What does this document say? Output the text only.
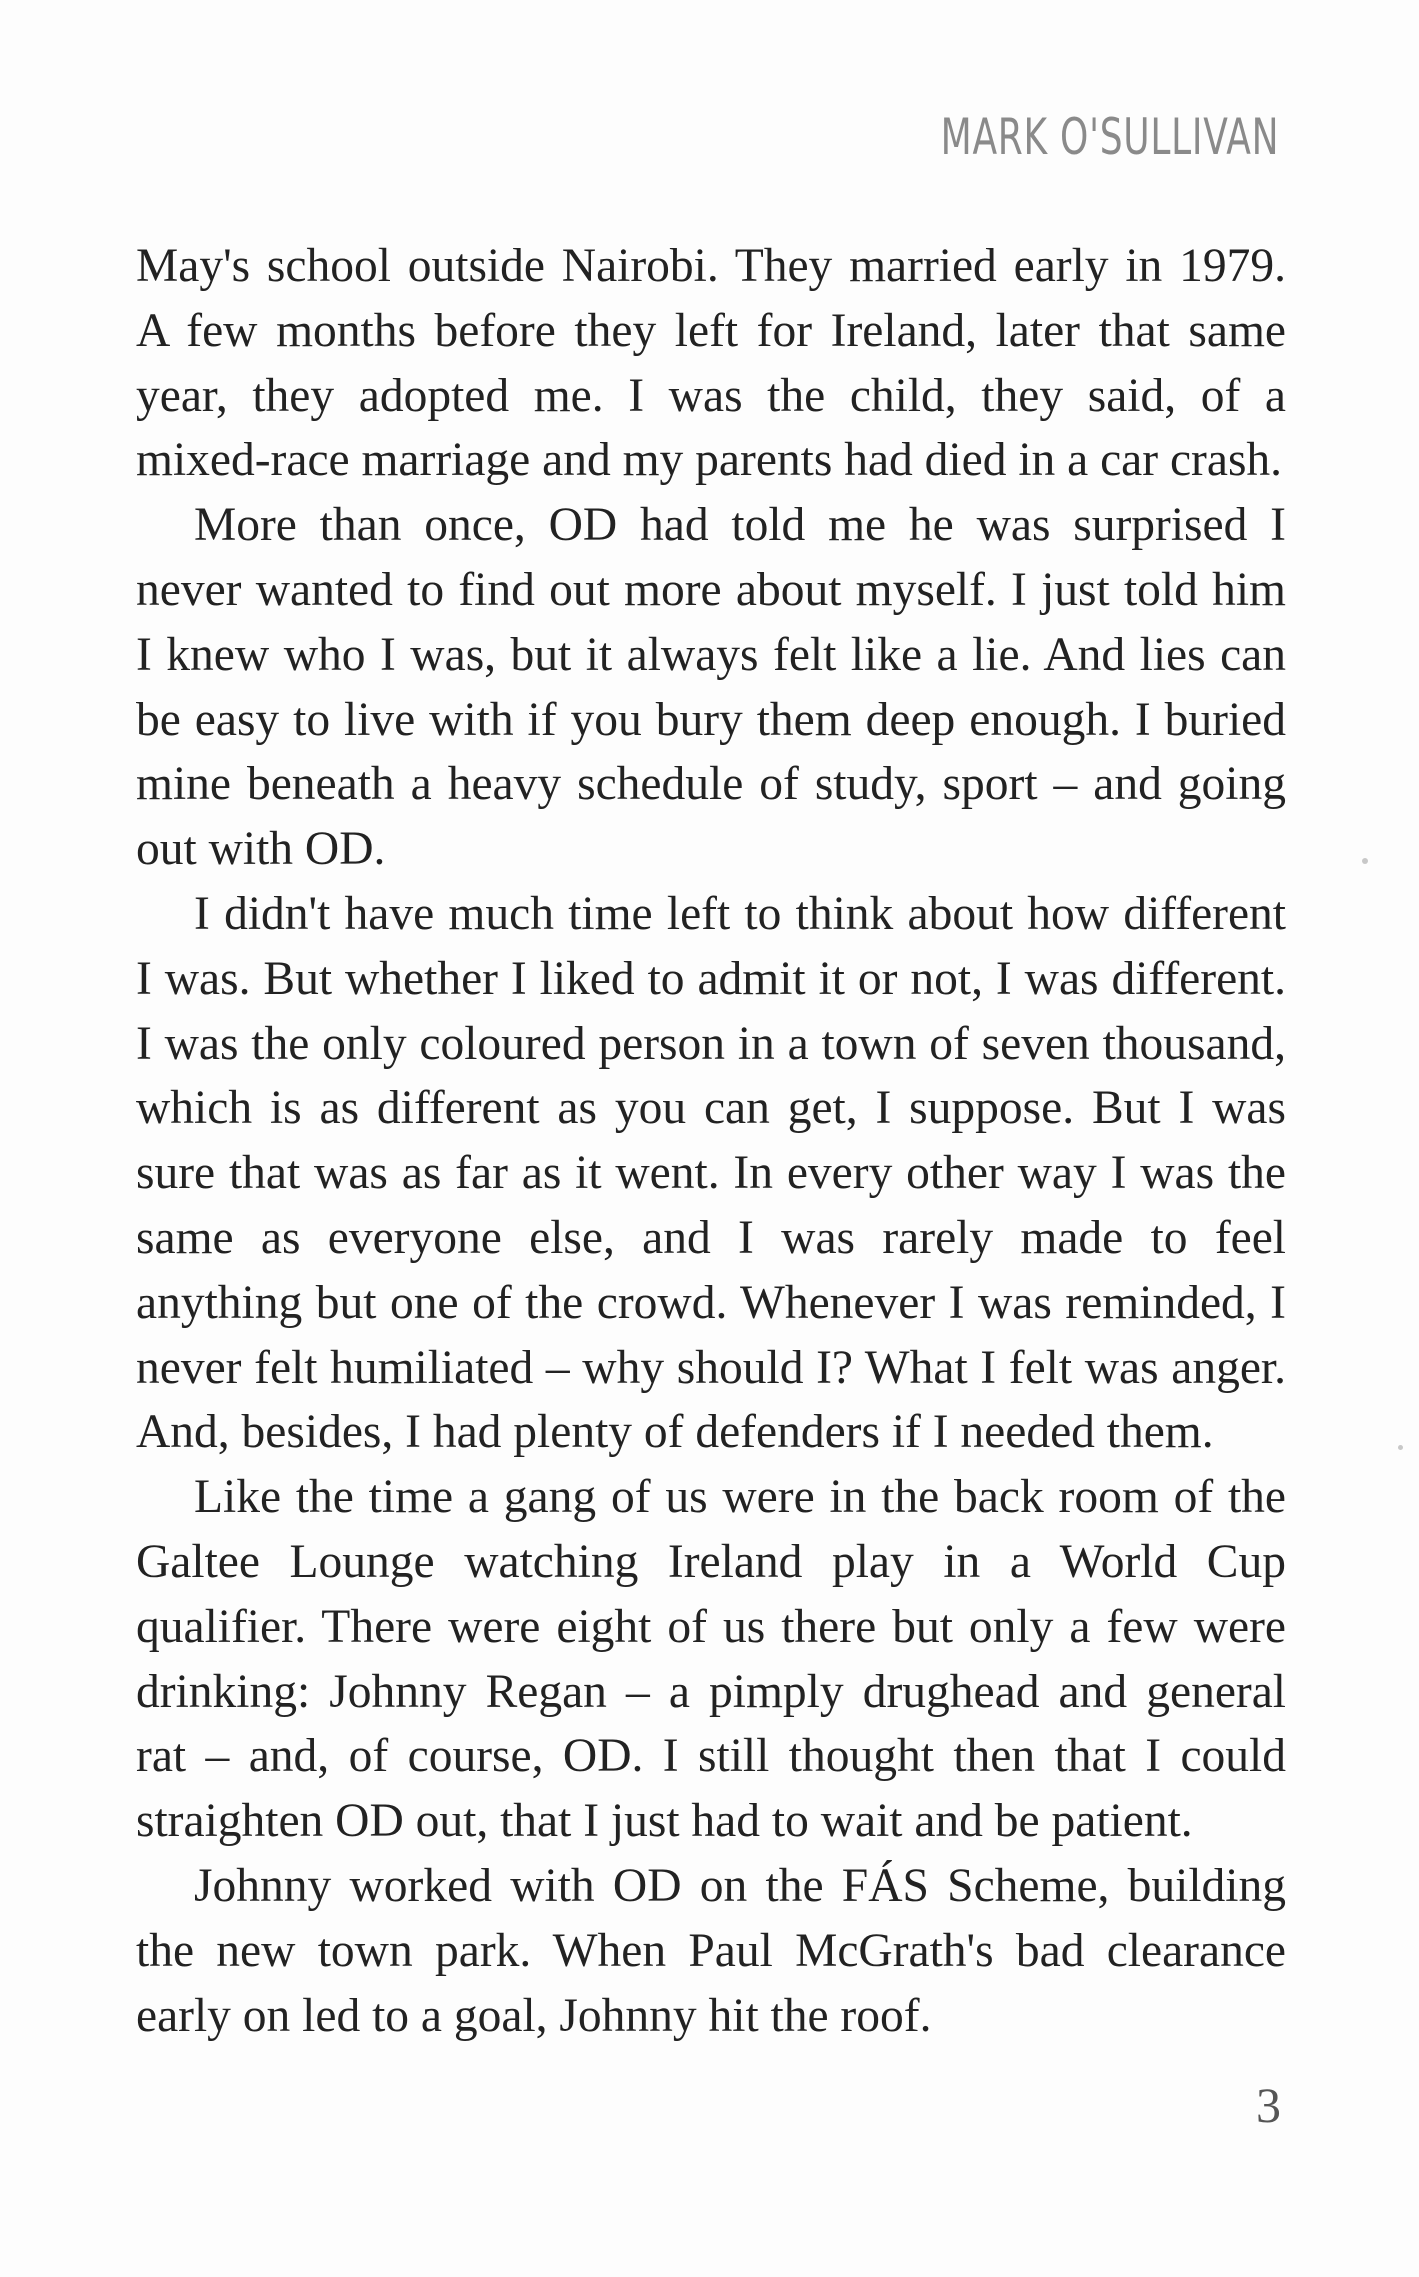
MARK O'SULLIVAN

May's school outside Nairobi. They married early in 1979. A few months before they left for Ireland, later that same year, they adopted me. I was the child, they said, of a mixed-race marriage and my parents had died in a car crash.

More than once, OD had told me he was surprised I never wanted to find out more about myself. I just told him I knew who I was, but it always felt like a lie. And lies can be easy to live with if you bury them deep enough. I buried mine beneath a heavy schedule of study, sport – and going out with OD.

I didn't have much time left to think about how different I was. But whether I liked to admit it or not, I was different. I was the only coloured person in a town of seven thousand, which is as different as you can get, I suppose. But I was sure that was as far as it went. In every other way I was the same as everyone else, and I was rarely made to feel anything but one of the crowd. Whenever I was reminded, I never felt humiliated – why should I? What I felt was anger. And, besides, I had plenty of defenders if I needed them.

Like the time a gang of us were in the back room of the Galtee Lounge watching Ireland play in a World Cup qualifier. There were eight of us there but only a few were drinking: Johnny Regan – a pimply drughead and general rat – and, of course, OD. I still thought then that I could straighten OD out, that I just had to wait and be patient.

Johnny worked with OD on the FÁS Scheme, building the new town park. When Paul McGrath's bad clearance early on led to a goal, Johnny hit the roof.

3
